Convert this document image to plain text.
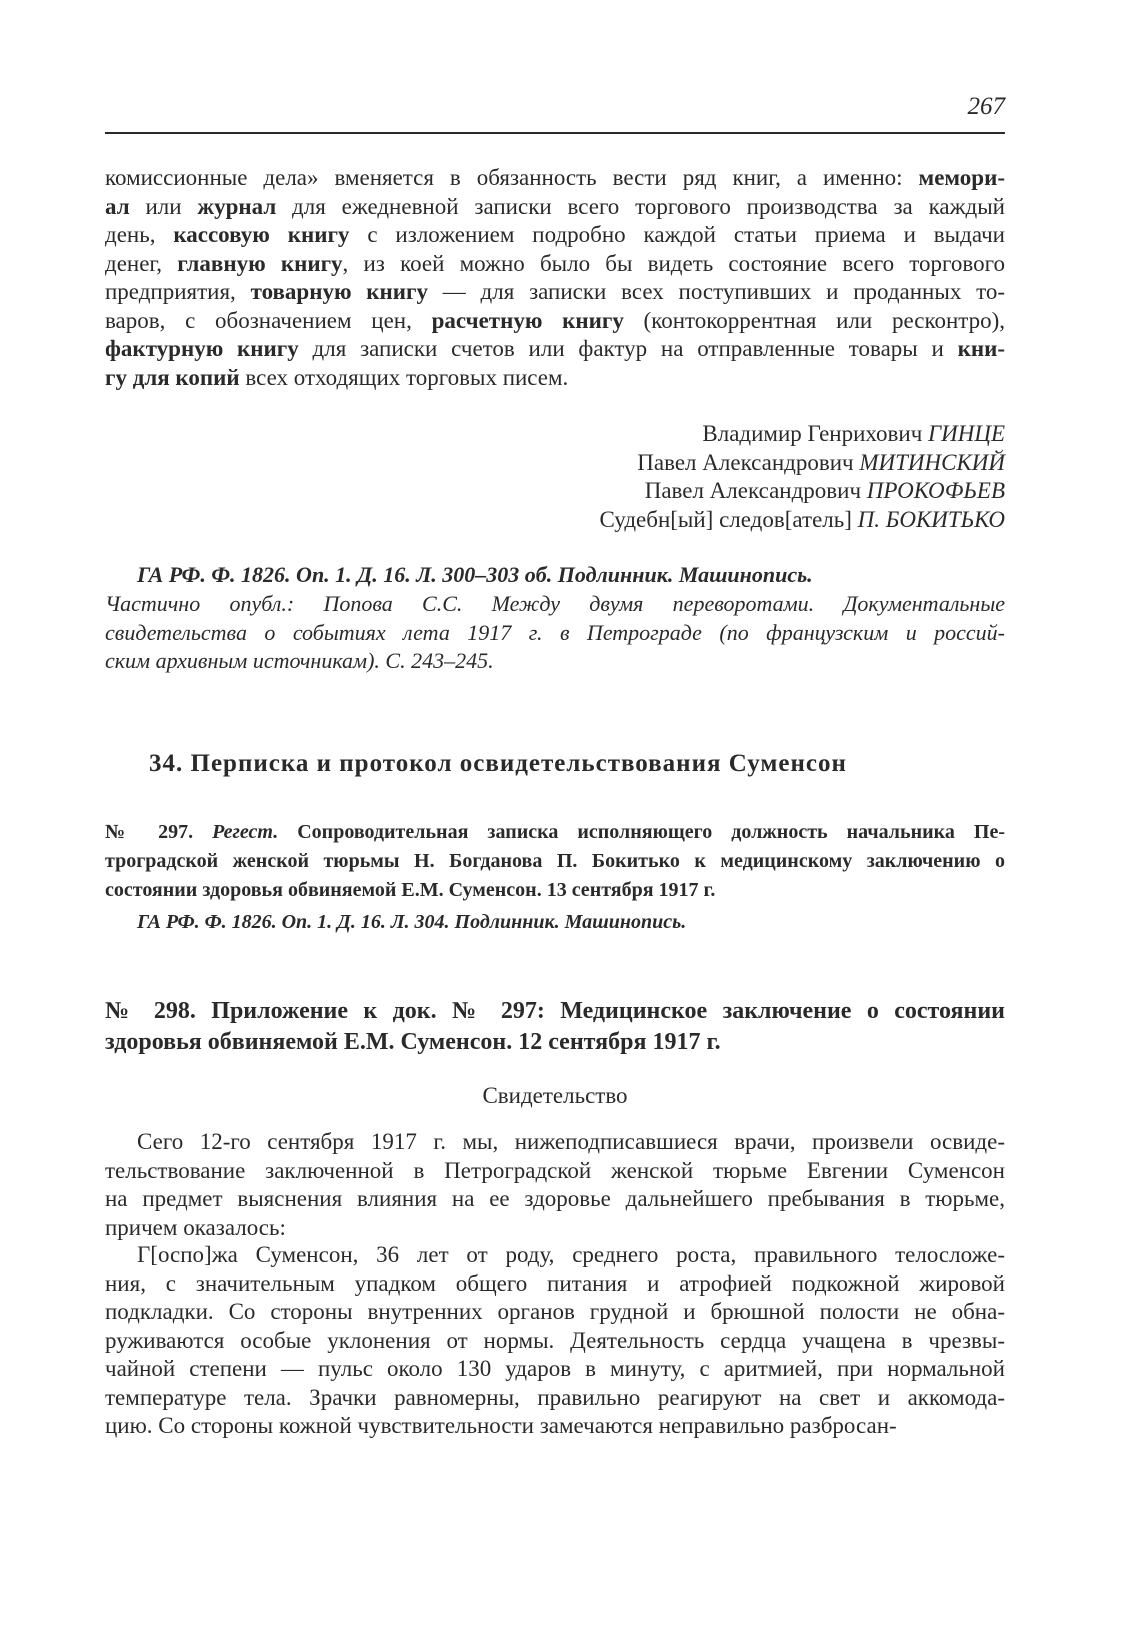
267
комиссионные дела» вменяется в обязанность вести ряд книг, а именно: мемори-
ал или журнал для ежедневной записки всего торгового производства за каждый
день, кассовую книгу с изложением подробно каждой статьи приема и выдачи
денег, главную книгу, из коей можно было бы видеть состояние всего торгового
предприятия, товарную книгу — для записки всех поступивших и проданных то-
варов, с обозначением цен, расчетную книгу (контокоррентная или ресконтро),
фактурную книгу для записки счетов или фактур на отправленные товары и кни-
гу для копий всех отходящих торговых писем.
Владимир Генрихович ГИНЦЕ
Павел Александрович МИТИНСКИЙ
Павел Александрович ПРОКОФЬЕВ
Судебн[ый] следов[атель] П. БОКИТЬКО
ГА РФ. Ф. 1826. Оп. 1. Д. 16. Л. 300–303 об. Подлинник. Машинопись.
Частично опубл.: Попова С.С. Между двумя переворотами. Документальные
свидетельства о событиях лета 1917 г. в Петрограде (по французским и россий-
ским архивным источникам). С. 243–245.
34. Перписка и протокол освидетельствования Суменсон
№ 297. Регест. Сопроводительная записка исполняющего должность начальника Пе-
троградской женской тюрьмы Н. Богданова П. Бокитько к медицинскому заключению о
состоянии здоровья обвиняемой Е.М. Суменсон. 13 сентября 1917 г.
ГА РФ. Ф. 1826. Оп. 1. Д. 16. Л. 304. Подлинник. Машинопись.
№ 298. Приложение к док. № 297: Медицинское заключение о состоянии
здоровья обвиняемой Е.М. Суменсон. 12 сентября 1917 г.
Свидетельство
Сего 12-го сентября 1917 г. мы, нижеподписавшиеся врачи, произвели освиде-
тельствование заключенной в Петроградской женской тюрьме Евгении Суменсон
на предмет выяснения влияния на ее здоровье дальнейшего пребывания в тюрьме,
причем оказалось:
Г[оспо]жа Суменсон, 36 лет от роду, среднего роста, правильного телосложе-
ния, с значительным упадком общего питания и атрофией подкожной жировой
подкладки. Со стороны внутренних органов грудной и брюшной полости не обна-
руживаются особые уклонения от нормы. Деятельность сердца учащена в чрезвы-
чайной степени — пульс около 130 ударов в минуту, с аритмией, при нормальной
температуре тела. Зрачки равномерны, правильно реагируют на свет и аккомода-
цию. Со стороны кожной чувствительности замечаются неправильно разбросан-
